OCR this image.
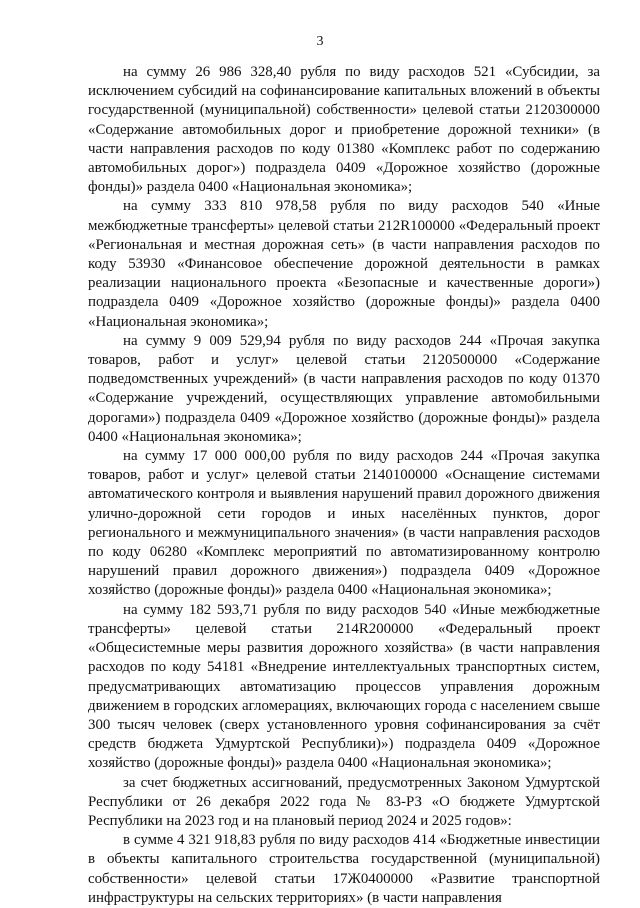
3

на сумму 26 986 328,40 рубля по виду расходов 521 «Субсидии, за исключением субсидий на софинансирование капитальных вложений в объекты государственной (муниципальной) собственности» целевой статьи 2120300000 «Содержание автомобильных дорог и приобретение дорожной техники» (в части направления расходов по коду 01380 «Комплекс работ по содержанию автомобильных дорог») подраздела 0409 «Дорожное хозяйство (дорожные фонды)» раздела 0400 «Национальная экономика»;

на сумму 333 810 978,58 рубля по виду расходов 540 «Иные межбюджетные трансферты» целевой статьи 212R100000 «Федеральный проект «Региональная и местная дорожная сеть» (в части направления расходов по коду 53930 «Финансовое обеспечение дорожной деятельности в рамках реализации национального проекта «Безопасные и качественные дороги») подраздела 0409 «Дорожное хозяйство (дорожные фонды)» раздела 0400 «Национальная экономика»;

на сумму 9 009 529,94 рубля по виду расходов 244 «Прочая закупка товаров, работ и услуг» целевой статьи 2120500000 «Содержание подведомственных учреждений» (в части направления расходов по коду 01370 «Содержание учреждений, осуществляющих управление автомобильными дорогами») подраздела 0409 «Дорожное хозяйство (дорожные фонды)» раздела 0400 «Национальная экономика»;

на сумму 17 000 000,00 рубля по виду расходов 244 «Прочая закупка товаров, работ и услуг» целевой статьи 2140100000 «Оснащение системами автоматического контроля и выявления нарушений правил дорожного движения улично-дорожной сети городов и иных населённых пунктов, дорог регионального и межмуниципального значения» (в части направления расходов по коду 06280 «Комплекс мероприятий по автоматизированному контролю нарушений правил дорожного движения») подраздела 0409 «Дорожное хозяйство (дорожные фонды)» раздела 0400 «Национальная экономика»;

на сумму 182 593,71 рубля по виду расходов 540 «Иные межбюджетные трансферты» целевой статьи 214R200000 «Федеральный проект «Общесистемные меры развития дорожного хозяйства» (в части направления расходов по коду 54181 «Внедрение интеллектуальных транспортных систем, предусматривающих автоматизацию процессов управления дорожным движением в городских агломерациях, включающих города с населением свыше 300 тысяч человек (сверх установленного уровня софинансирования за счёт средств бюджета Удмуртской Республики)») подраздела 0409 «Дорожное хозяйство (дорожные фонды)» раздела 0400 «Национальная экономика»;

за счет бюджетных ассигнований, предусмотренных Законом Удмуртской Республики от 26 декабря 2022 года № 83-РЗ «О бюджете Удмуртской Республики на 2023 год и на плановый период 2024 и 2025 годов»:

в сумме 4 321 918,83 рубля по виду расходов 414 «Бюджетные инвестиции в объекты капитального строительства государственной (муниципальной) собственности» целевой статьи 17Ж0400000 «Развитие транспортной инфраструктуры на сельских территориях» (в части направления
